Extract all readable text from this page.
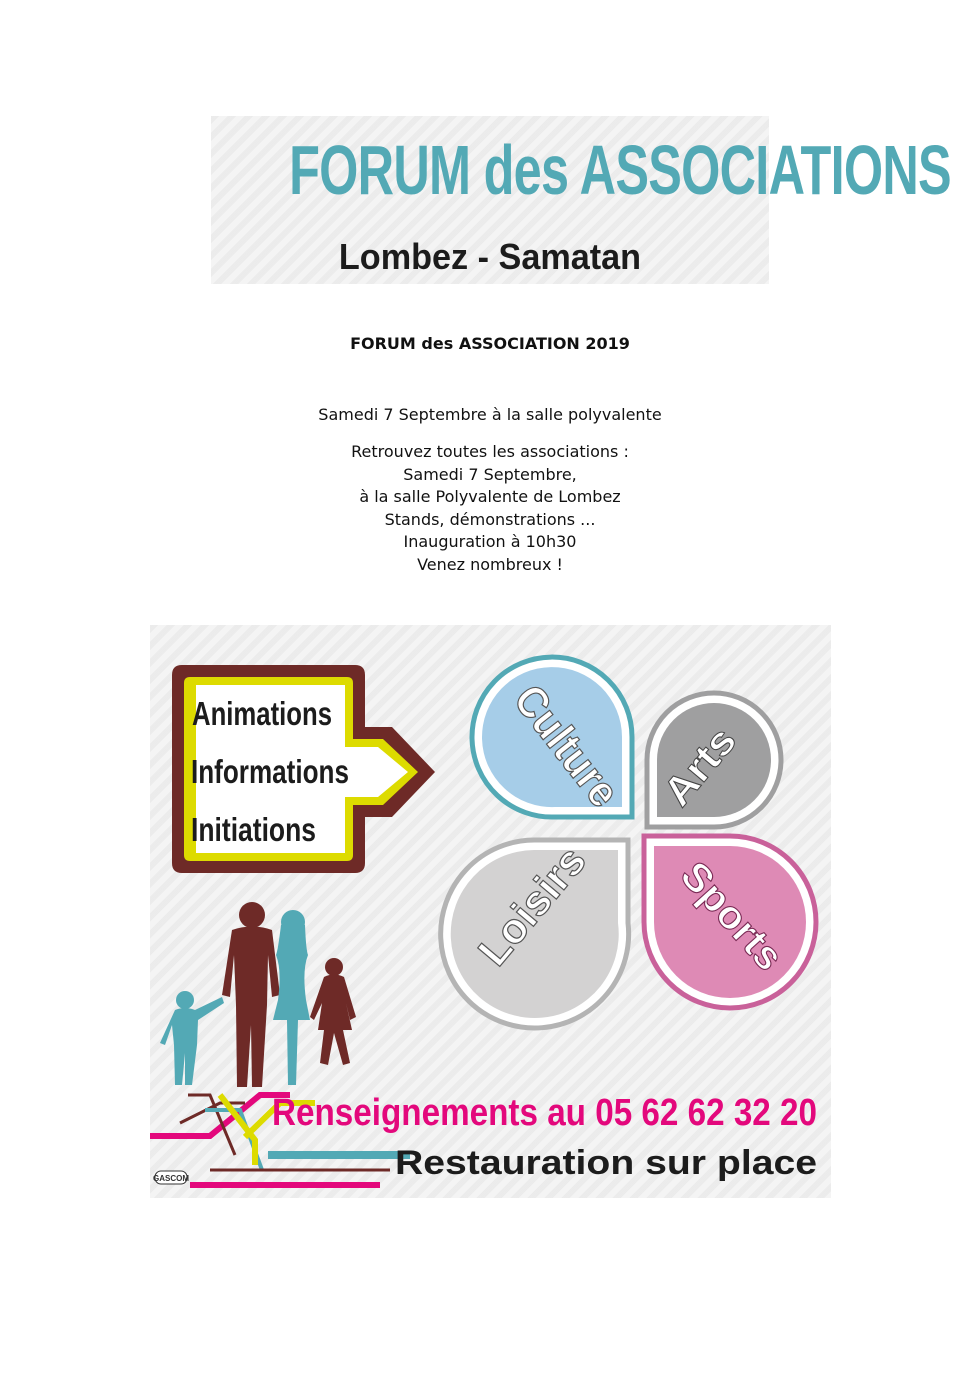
FORUM des ASSOCIATIONS
Lombez - Samatan
FORUM des ASSOCIATION 2019
Samedi 7 Septembre à la salle polyvalente
Retrouvez toutes les associations :
Samedi 7 Septembre,
à la salle Polyvalente de Lombez
Stands, démonstrations ...
Inauguration à 10h30
Venez nombreux !
Animations
Informations
Initiations
Culture Arts
Loisirs Sports
Renseignements au 05 62 62 32 20
Restauration sur place
GASCOM
